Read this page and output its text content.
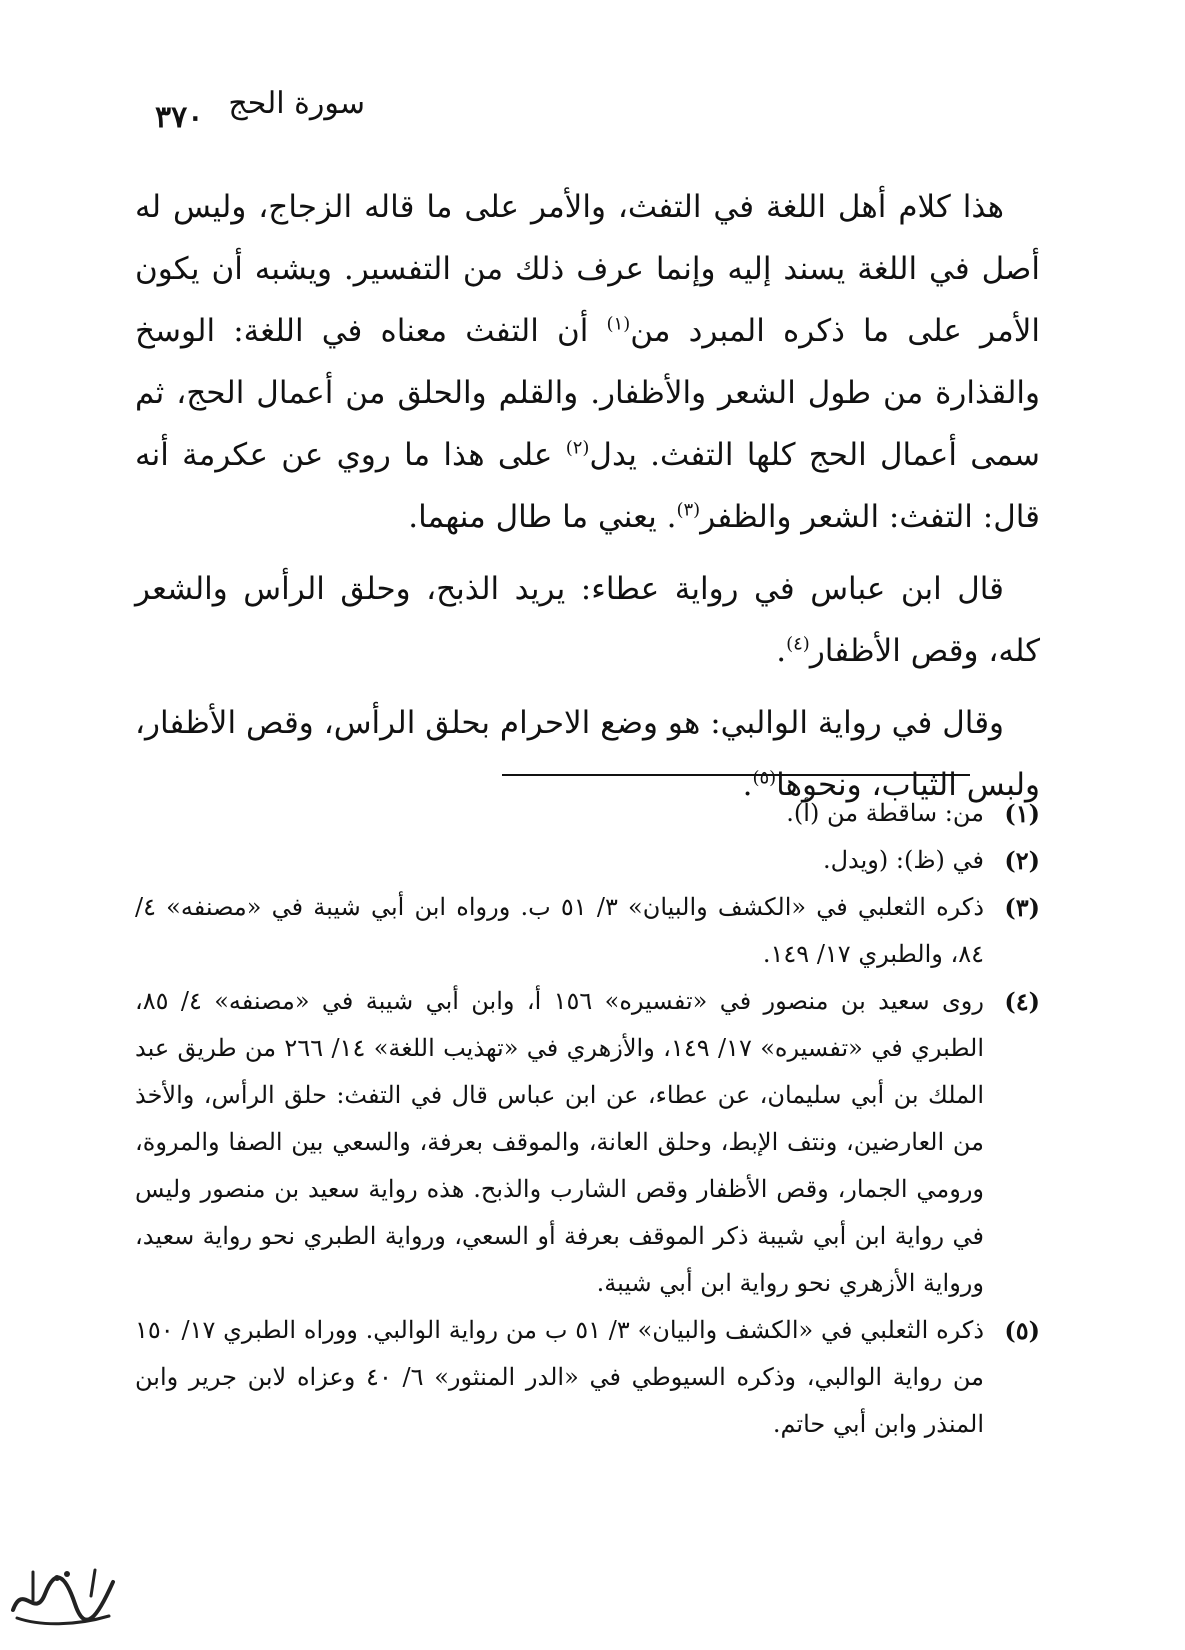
٣٧٠ سورة الحج

هذا كلام أهل اللغة في التفث، والأمر على ما قاله الزجاج، وليس له أصل في اللغة يسند إليه وإنما عرف ذلك من التفسير. ويشبه أن يكون الأمر على ما ذكره المبرد من$^{(١)}$ أن التفث معناه في اللغة: الوسخ والقذارة من طول الشعر والأظفار. والقلم والحلق من أعمال الحج، ثم سمى أعمال الحج كلها التفث. يدل$^{(٢)}$ على هذا ما روي عن عكرمة أنه قال: التفث: الشعر والظفر$^{(٣)}$. يعني ما طال منهما.

قال ابن عباس في رواية عطاء: يريد الذبح، وحلق الرأس والشعر كله، وقص الأظفار$^{(٤)}$.

وقال في رواية الوالبي: هو وضع الاحرام بحلق الرأس، وقص الأظفار، ولبس الثياب، ونحوها$^{(٥)}$.

(١)
من: ساقطة من (أ).
(٢)
في (ظ): (ويدل.
(٣)
ذكره الثعلبي في «الكشف والبيان» ٣/ ٥١ ب. ورواه ابن أبي شيبة في «مصنفه» ٤/ ٨٤، والطبري ١٧/ ١٤٩.
(٤)
روى سعيد بن منصور في «تفسيره» ١٥٦ أ، وابن أبي شيبة في «مصنفه» ٤/ ٨٥، الطبري في «تفسيره» ١٧/ ١٤٩، والأزهري في «تهذيب اللغة» ١٤/ ٢٦٦ من طريق عبد الملك بن أبي سليمان، عن عطاء، عن ابن عباس قال في التفث: حلق الرأس، والأخذ من العارضين، ونتف الإبط، وحلق العانة، والموقف بعرفة، والسعي بين الصفا والمروة، ورومي الجمار، وقص الأظفار وقص الشارب والذبح. هذه رواية سعيد بن منصور وليس في رواية ابن أبي شيبة ذكر الموقف بعرفة أو السعي، ورواية الطبري نحو رواية سعيد، ورواية الأزهري نحو رواية ابن أبي شيبة.
(٥)
ذكره الثعلبي في «الكشف والبيان» ٣/ ٥١ ب من رواية الوالبي. ووراه الطبري ١٧/ ١٥٠ من رواية الوالبي، وذكره السيوطي في «الدر المنثور» ٦/ ٤٠ وعزاه لابن جرير وابن المنذر وابن أبي حاتم.
